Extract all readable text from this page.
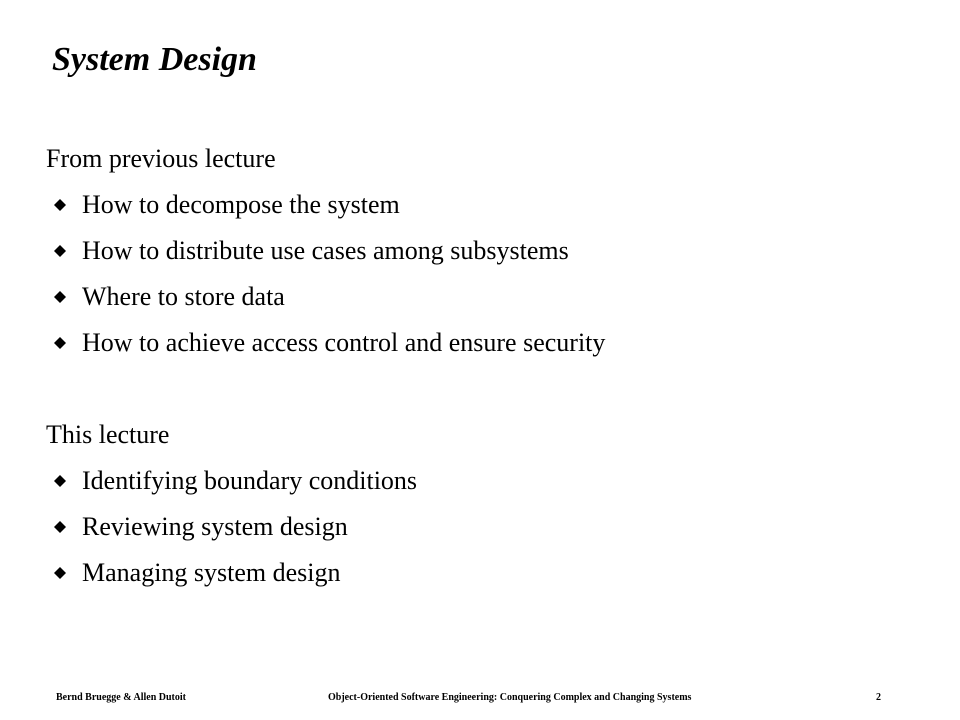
System Design
From previous lecture
How to decompose the system
How to distribute use cases among subsystems
Where to store data
How to achieve access control and ensure security
This lecture
Identifying boundary conditions
Reviewing system design
Managing system design
Bernd Bruegge & Allen Dutoit	Object-Oriented Software Engineering: Conquering Complex and Changing Systems	2
